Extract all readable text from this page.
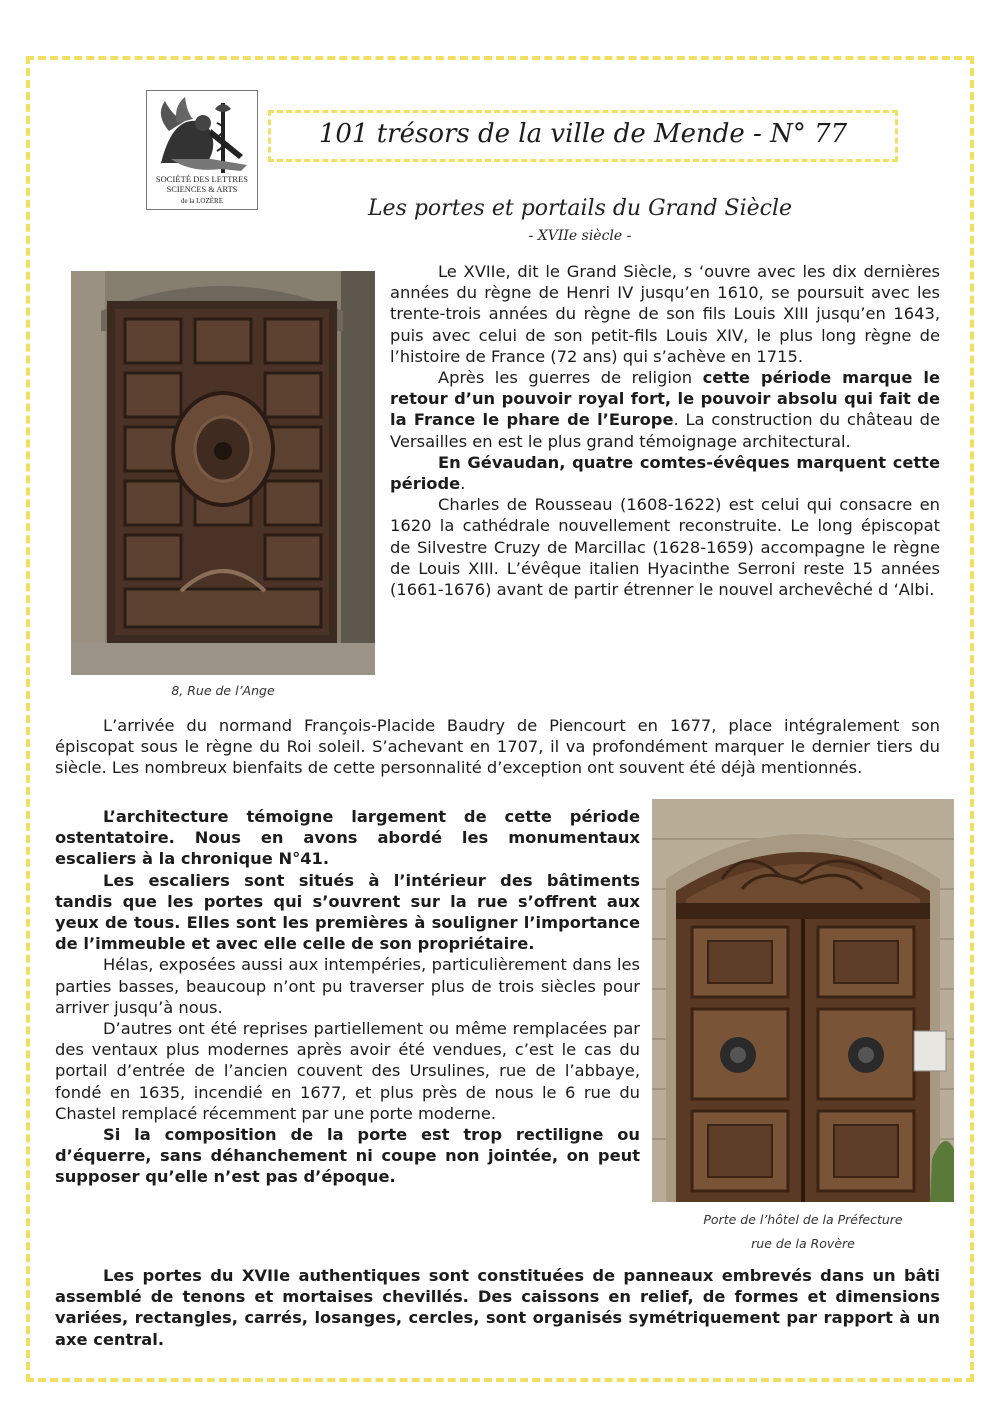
SOCIÉTÉ DES LETTRES
SCIENCES & ARTS
de la LOZÈRE
101 trésors de la ville de Mende - N° 77
Les portes et portails du Grand Siècle
- XVIIe siècle -
8, Rue de l’Ange
Porte de l’hôtel de la Préfecture
rue de la Rovère

Le XVIIe, dit le Grand Siècle, s ‘ouvre avec les dix dernières années du règne de Henri IV jusqu’en 1610, se poursuit avec les trente-trois années du règne de son fils Louis XIII jusqu’en 1643, puis avec celui de son petit-fils Louis XIV, le plus long règne de l’histoire de France (72 ans) qui s’achève en 1715.

Après les guerres de religion cette période marque le retour d’un pouvoir royal fort, le pouvoir absolu qui fait de la France le phare de l’Europe. La construction du château de Versailles en est le plus grand témoignage architectural.

En Gévaudan, quatre comtes-évêques marquent cette période.

Charles de Rousseau (1608-1622) est celui qui consacre en 1620 la cathédrale nouvellement reconstruite. Le long épiscopat de Silvestre Cruzy de Marcillac (1628-1659) accompagne le règne de Louis XIII. L’évêque italien Hyacinthe Serroni reste 15 années (1661-1676) avant de partir étrenner le nouvel archevêché d ‘Albi.

L’arrivée du normand François-Placide Baudry de Piencourt en 1677, place intégralement son épiscopat sous le règne du Roi soleil. S’achevant en 1707, il va profondément marquer le dernier tiers du siècle. Les nombreux bienfaits de cette personnalité d’exception ont souvent été déjà mentionnés.

L’architecture témoigne largement de cette période ostentatoire. Nous en avons abordé les monumentaux escaliers à la chronique N°41.

Les escaliers sont situés à l’intérieur des bâtiments tandis que les portes qui s’ouvrent sur la rue s’offrent aux yeux de tous. Elles sont les premières à souligner l’importance de l’immeuble et avec elle celle de son propriétaire.

Hélas, exposées aussi aux intempéries, particulièrement dans les parties basses, beaucoup n’ont pu traverser plus de trois siècles pour arriver jusqu’à nous.

D’autres ont été reprises partiellement ou même remplacées par des ventaux plus modernes après avoir été vendues, c’est le cas du portail d’entrée de l’ancien couvent des Ursulines, rue de l’abbaye, fondé en 1635, incendié en 1677, et plus près de nous le 6 rue du Chastel remplacé récemment par une porte moderne.

Si la composition de la porte est trop rectiligne ou d’équerre, sans déhanchement ni coupe non jointée, on peut supposer qu’elle n’est pas d’époque.

Les portes du XVIIe authentiques sont constituées de panneaux embrevés dans un bâti assemblé de tenons et mortaises chevillés. Des caissons en relief, de formes et dimensions variées, rectangles, carrés, losanges, cercles, sont organisés symétriquement par rapport à un axe central.
